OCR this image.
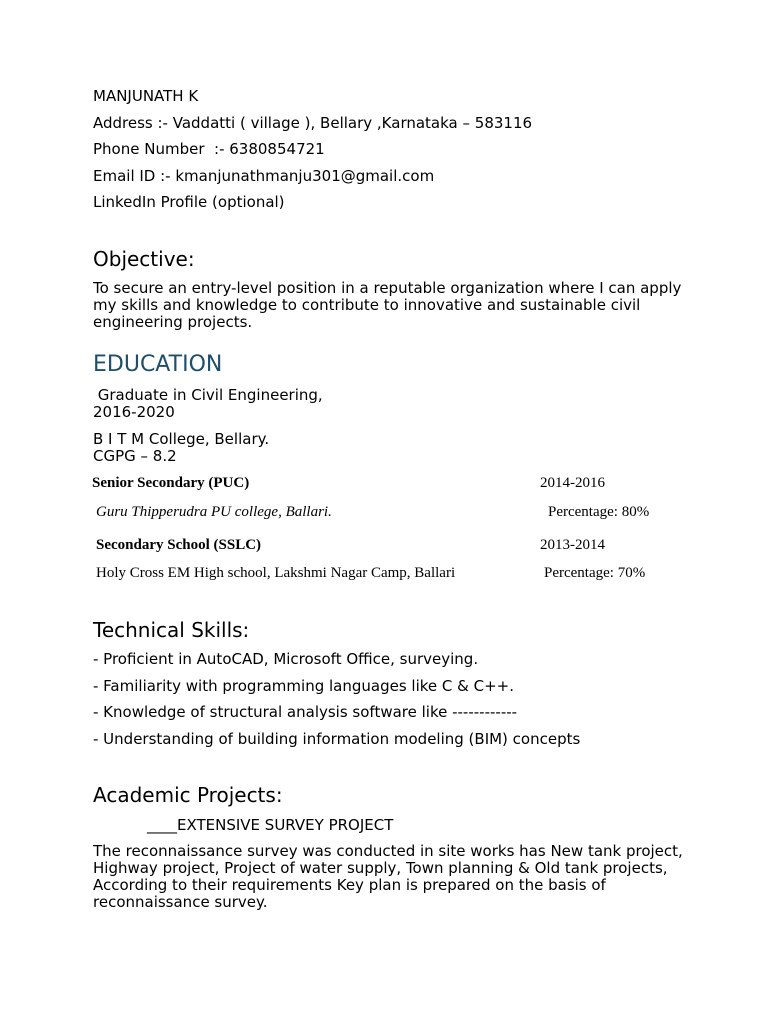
MANJUNATH K
Address :- Vaddatti ( village ), Bellary ,Karnataka – 583116
Phone Number  :- 6380854721
Email ID :- kmanjunathmanju301@gmail.com
LinkedIn Profile (optional)
Objective:
To secure an entry-level position in a reputable organization where I can apply my skills and knowledge to contribute to innovative and sustainable civil engineering projects.
EDUCATION
Graduate in Civil Engineering,
2016-2020
B I T M College, Bellary.
CGPG – 8.2
Senior Secondary (PUC)	2014-2016
Guru Thipperudra PU college, Ballari.	Percentage: 80%
Secondary School (SSLC)	2013-2014
Holy Cross EM High school, Lakshmi Nagar Camp, Ballari	Percentage: 70%
Technical Skills:
- Proficient in AutoCAD, Microsoft Office, surveying.
- Familiarity with programming languages like C & C++.
- Knowledge of structural analysis software like ------------
- Understanding of building information modeling (BIM) concepts
Academic Projects:
____EXTENSIVE SURVEY PROJECT
The reconnaissance survey was conducted in site works has New tank project, Highway project, Project of water supply, Town planning & Old tank projects, According to their requirements Key plan is prepared on the basis of reconnaissance survey.
